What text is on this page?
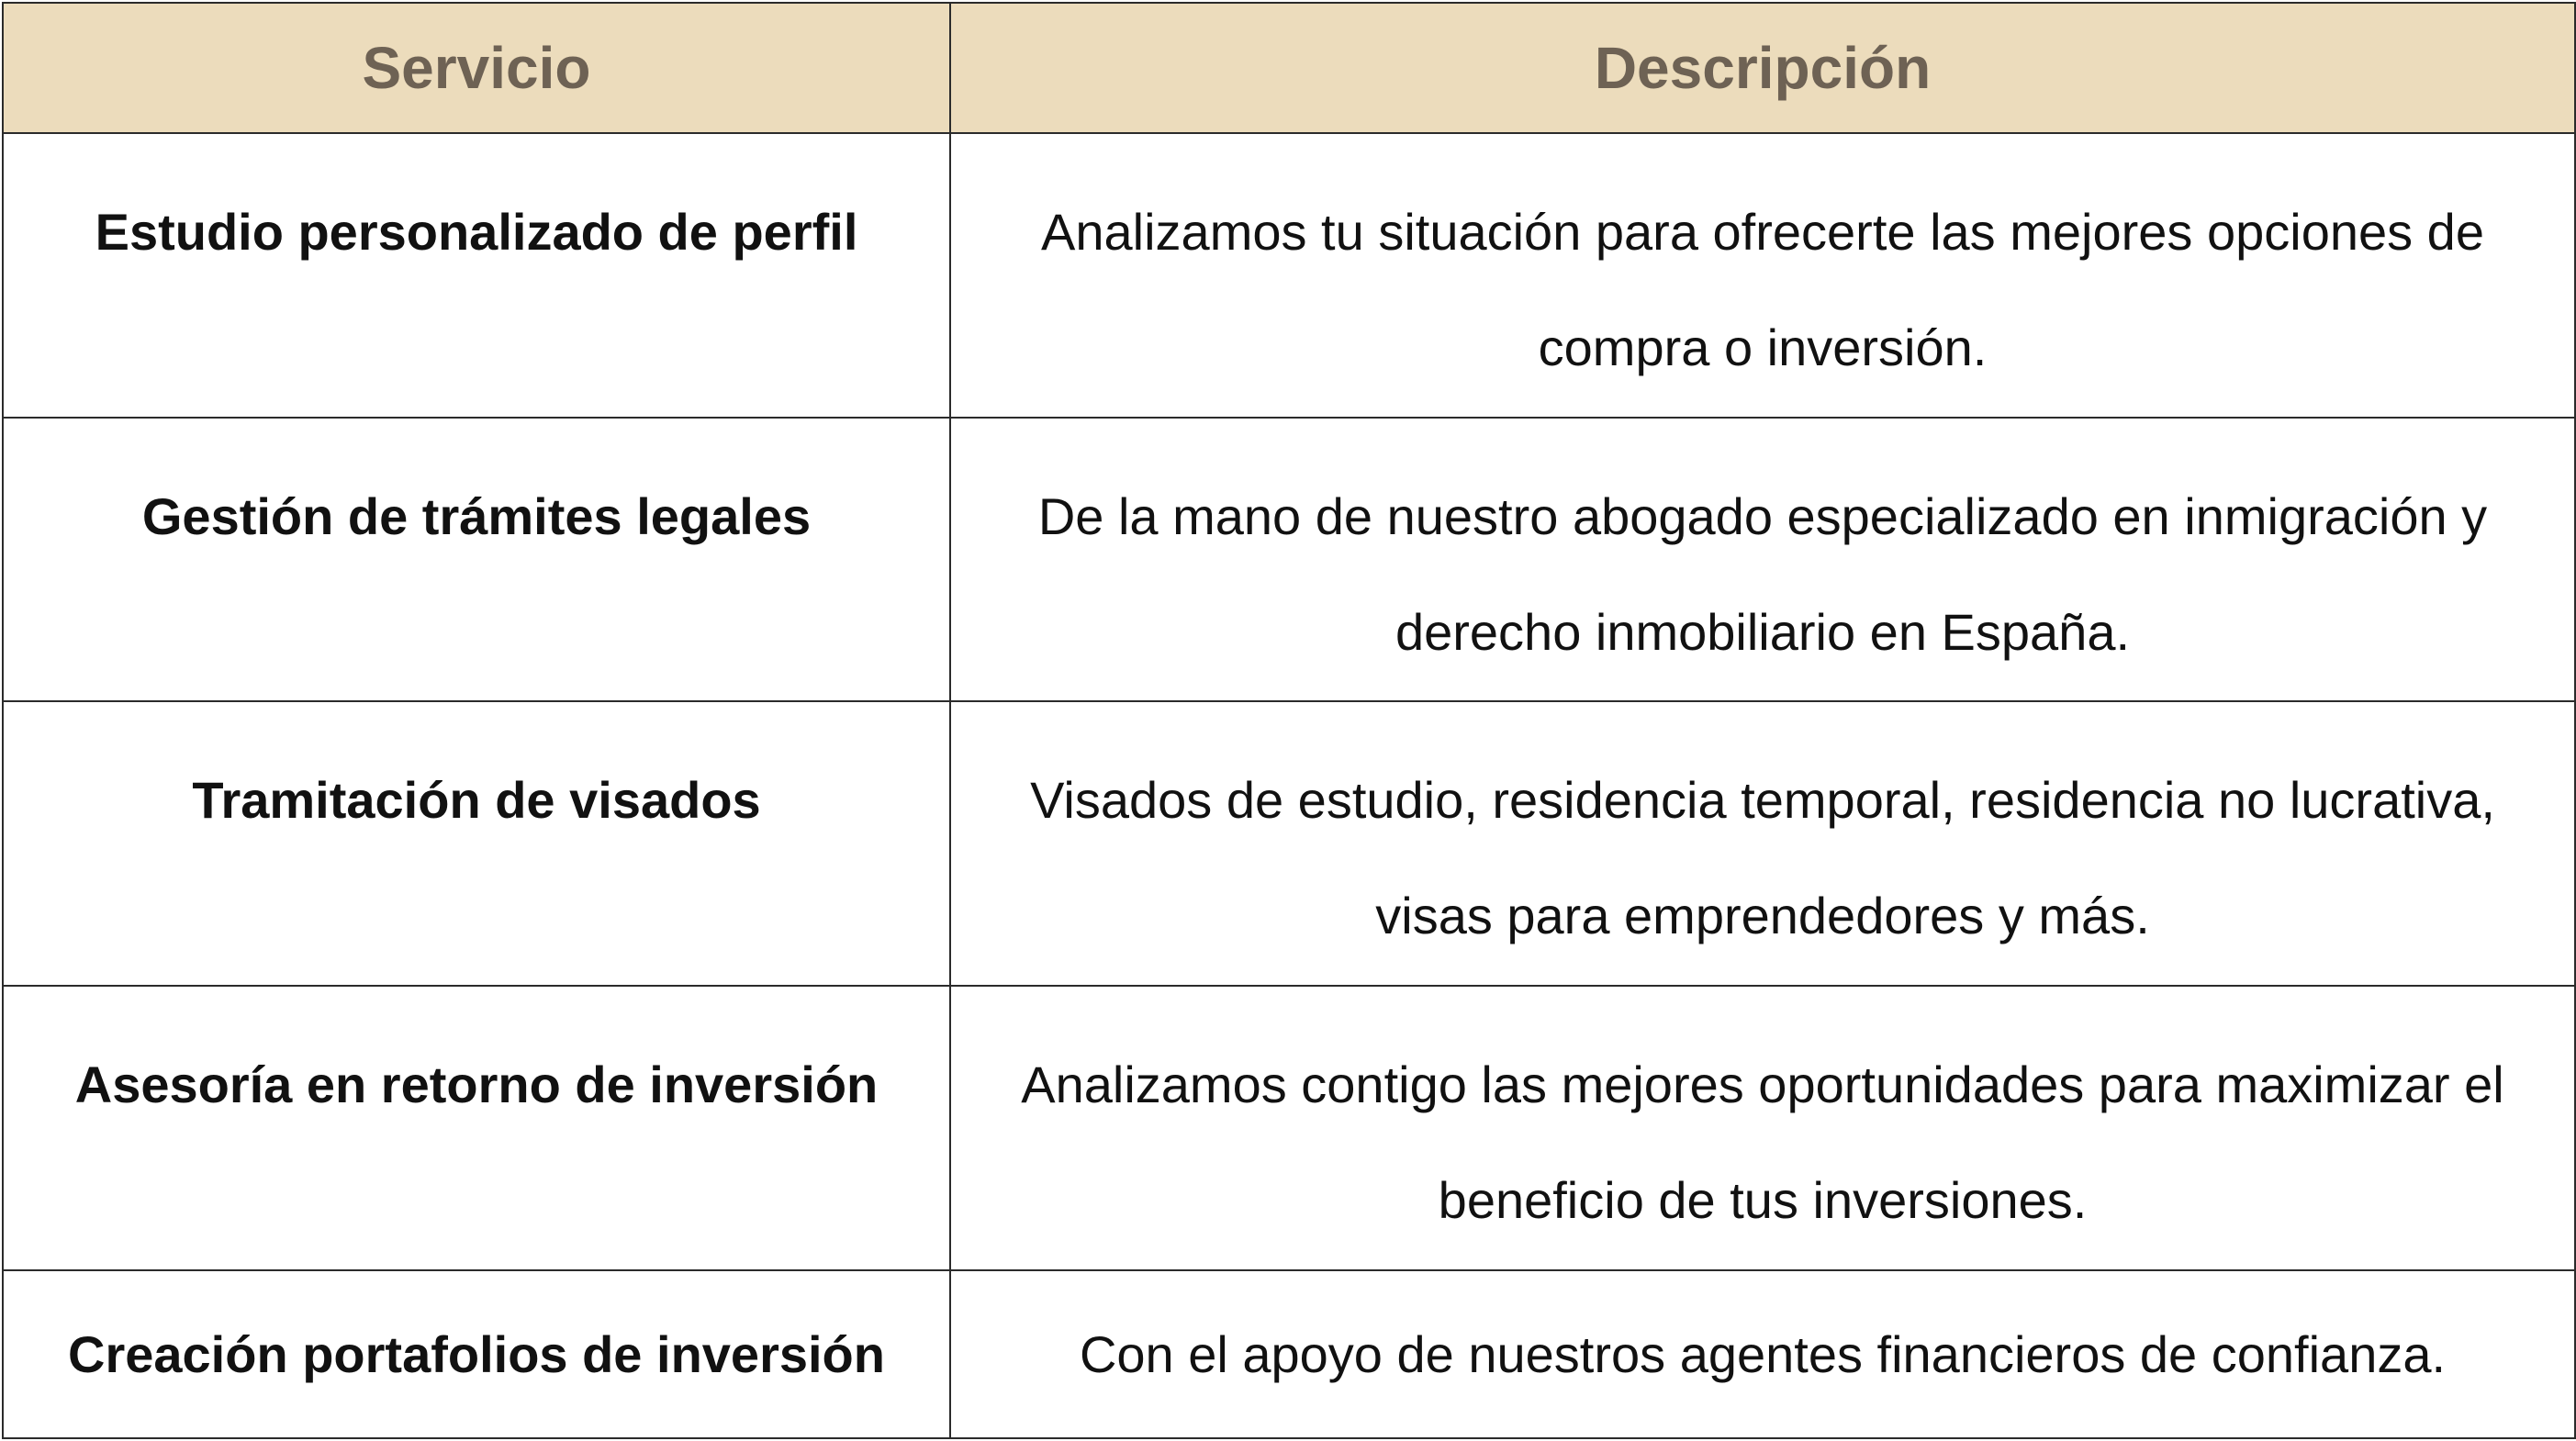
Servicio	Descripción
Estudio personalizado de perfil	Analizamos tu situación para ofrecerte las mejores opciones de compra o inversión.
Gestión de trámites legales	De la mano de nuestro abogado especializado en inmigración y derecho inmobiliario en España.
Tramitación de visados	Visados de estudio, residencia temporal, residencia no lucrativa, visas para emprendedores y más.
Asesoría en retorno de inversión	Analizamos contigo las mejores oportunidades para maximizar el beneficio de tus inversiones.
Creación portafolios de inversión	Con el apoyo de nuestros agentes financieros de confianza.
